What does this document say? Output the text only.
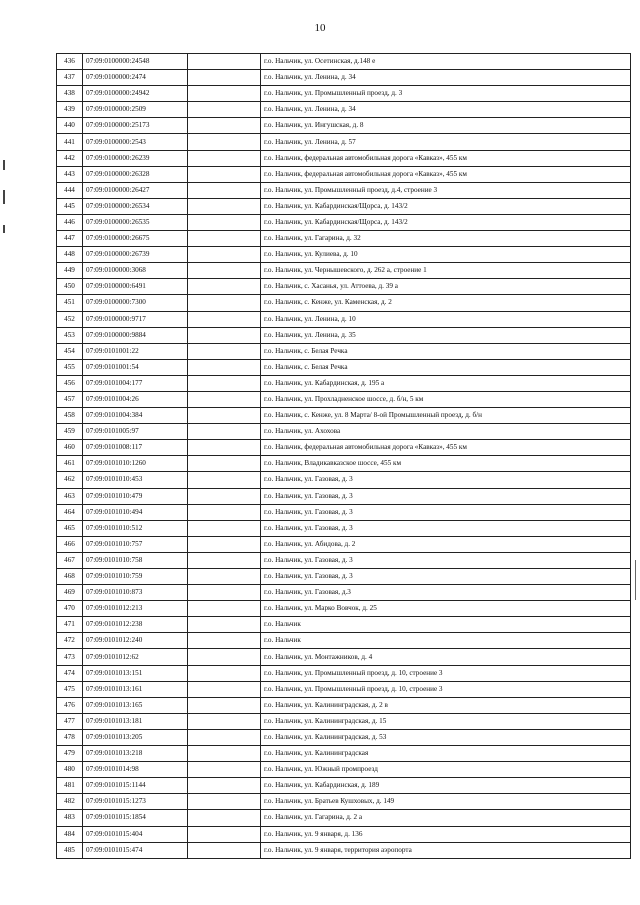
10
436	07:09:0100000:24548		г.о. Нальчик, ул. Осетинская, д.148 е
437	07:09:0100000:2474		г.о. Нальчик, ул. Ленина, д. 34
438	07:09:0100000:24942		г.о. Нальчик, ул. Промышленный проезд, д. 3
439	07:09:0100000:2509		г.о. Нальчик, ул. Ленина, д. 34
440	07:09:0100000:25173		г.о. Нальчик, ул. Ингушская, д. 8
441	07:09:0100000:2543		г.о. Нальчик, ул. Ленина, д. 57
442	07:09:0100000:26239		г.о. Нальчик, федеральная автомобильная дорога «Кавказ», 455 км
443	07:09:0100000:26328		г.о. Нальчик, федеральная автомобильная дорога «Кавказ», 455 км
444	07:09:0100000:26427		г.о. Нальчик, ул. Промышленный проезд, д.4, строение 3
445	07:09:0100000:26534		г.о. Нальчик, ул. Кабардинская/Щорса, д. 143/2
446	07:09:0100000:26535		г.о. Нальчик, ул. Кабардинская/Щорса, д. 143/2
447	07:09:0100000:26675		г.о. Нальчик, ул. Гагарина, д. 32
448	07:09:0100000:26739		г.о. Нальчик, ул. Кулиева, д. 10
449	07:09:0100000:3068		г.о. Нальчик, ул. Чернышевского, д. 262 а, строение 1
450	07:09:0100000:6491		г.о. Нальчик, с. Хасанья, ул. Аттоева, д. 39 а
451	07:09:0100000:7300		г.о. Нальчик, с. Кенже, ул. Каменская, д. 2
452	07:09:0100000:9717		г.о. Нальчик, ул. Ленина, д. 10
453	07:09:0100000:9884		г.о. Нальчик, ул. Ленина, д. 35
454	07:09:0101001:22		г.о. Нальчик, с. Белая Речка
455	07:09:0101001:54		г.о. Нальчик, с. Белая Речка
456	07:09:0101004:177		г.о. Нальчик, ул. Кабардинская, д. 195 а
457	07:09:0101004:26		г.о. Нальчик, ул. Прохладненское шоссе, д. б/н, 5 км
458	07:09:0101004:384		г.о. Нальчик, с. Кенже, ул. 8 Марта/ 8-ой Промышленный проезд, д. б/н
459	07:09:0101005:97		г.о. Нальчик, ул. Ахохова
460	07:09:0101008:117		г.о. Нальчик, федеральная автомобильная дорога «Кавказ», 455 км
461	07:09:0101010:1260		г.о. Нальчик, Владикавказское шоссе, 455 км
462	07:09:0101010:453		г.о. Нальчик, ул. Газовая, д. 3
463	07:09:0101010:479		г.о. Нальчик, ул. Газовая, д. 3
464	07:09:0101010:494		г.о. Нальчик, ул. Газовая, д. 3
465	07:09:0101010:512		г.о. Нальчик, ул. Газовая, д. 3
466	07:09:0101010:757		г.о. Нальчик, ул. Абидова, д. 2
467	07:09:0101010:758		г.о. Нальчик, ул. Газовая, д. 3
468	07:09:0101010:759		г.о. Нальчик, ул. Газовая, д. 3
469	07:09:0101010:873		г.о. Нальчик, ул. Газовая, д.3
470	07:09:0101012:213		г.о. Нальчик, ул. Марко Вовчок, д. 25
471	07:09:0101012:238		г.о. Нальчик
472	07:09:0101012:240		г.о. Нальчик
473	07:09:0101012:62		г.о. Нальчик, ул. Монтажников, д. 4
474	07:09:0101013:151		г.о. Нальчик, ул. Промышленный проезд, д. 10, строение 3
475	07:09:0101013:161		г.о. Нальчик, ул. Промышленный проезд, д. 10, строение 3
476	07:09:0101013:165		г.о. Нальчик, ул. Калининградская, д. 2 в
477	07:09:0101013:181		г.о. Нальчик, ул. Калининградская, д. 15
478	07:09:0101013:205		г.о. Нальчик, ул. Калининградская, д. 53
479	07:09:0101013:218		г.о. Нальчик, ул. Калининградская
480	07:09:0101014:98		г.о. Нальчик, ул. Южный промпроезд
481	07:09:0101015:1144		г.о. Нальчик, ул. Кабардинская, д. 189
482	07:09:0101015:1273		г.о. Нальчик, ул. Братьев Кушховых, д. 149
483	07:09:0101015:1854		г.о. Нальчик, ул. Гагарина, д. 2 а
484	07:09:0101015:404		г.о. Нальчик, ул. 9 января, д. 136
485	07:09:0101015:474		г.о. Нальчик, ул. 9 января, территория аэропорта
